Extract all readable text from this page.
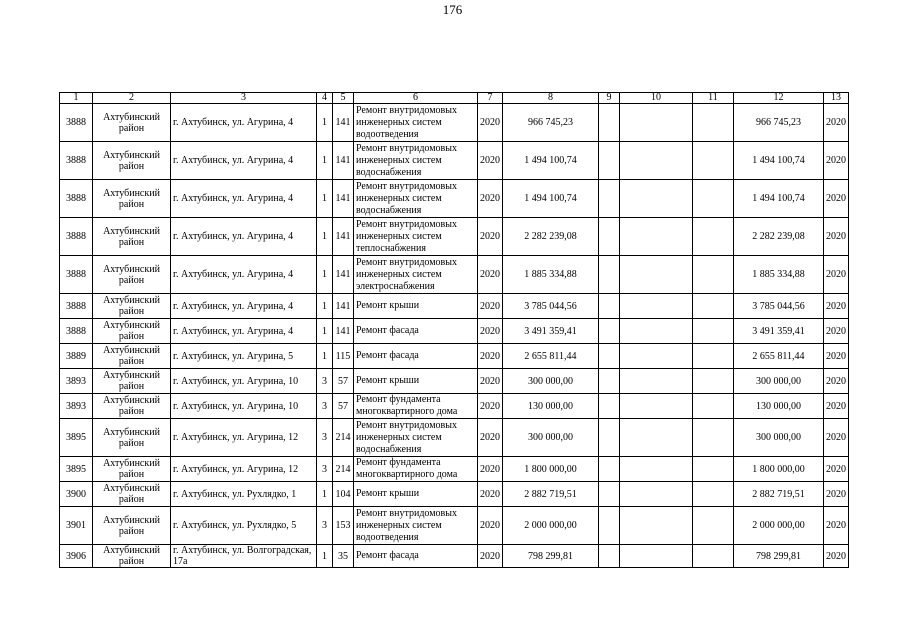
176
1	2	3	4	5	6	7	8	9	10	11	12	13
3888	Ахтубинский район	г. Ахтубинск, ул. Агурина, 4	1	141	Ремонт внутридомовых инженерных систем водоотведения	2020	966 745,23				966 745,23	2020
3888	Ахтубинский район	г. Ахтубинск, ул. Агурина, 4	1	141	Ремонт внутридомовых инженерных систем водоснабжения	2020	1 494 100,74				1 494 100,74	2020
3888	Ахтубинский район	г. Ахтубинск, ул. Агурина, 4	1	141	Ремонт внутридомовых инженерных систем водоснабжения	2020	1 494 100,74				1 494 100,74	2020
3888	Ахтубинский район	г. Ахтубинск, ул. Агурина, 4	1	141	Ремонт внутридомовых инженерных систем теплоснабжения	2020	2 282 239,08				2 282 239,08	2020
3888	Ахтубинский район	г. Ахтубинск, ул. Агурина, 4	1	141	Ремонт внутридомовых инженерных систем электроснабжения	2020	1 885 334,88				1 885 334,88	2020
3888	Ахтубинский район	г. Ахтубинск, ул. Агурина, 4	1	141	Ремонт крыши	2020	3 785 044,56				3 785 044,56	2020
3888	Ахтубинский район	г. Ахтубинск, ул. Агурина, 4	1	141	Ремонт фасада	2020	3 491 359,41				3 491 359,41	2020
3889	Ахтубинский район	г. Ахтубинск, ул. Агурина, 5	1	115	Ремонт фасада	2020	2 655 811,44				2 655 811,44	2020
3893	Ахтубинский район	г. Ахтубинск, ул. Агурина, 10	3	57	Ремонт крыши	2020	300 000,00				300 000,00	2020
3893	Ахтубинский район	г. Ахтубинск, ул. Агурина, 10	3	57	Ремонт фундамента многоквартирного дома	2020	130 000,00				130 000,00	2020
3895	Ахтубинский район	г. Ахтубинск, ул. Агурина, 12	3	214	Ремонт внутридомовых инженерных систем водоснабжения	2020	300 000,00				300 000,00	2020
3895	Ахтубинский район	г. Ахтубинск, ул. Агурина, 12	3	214	Ремонт фундамента многоквартирного дома	2020	1 800 000,00				1 800 000,00	2020
3900	Ахтубинский район	г. Ахтубинск, ул. Рухлядко, 1	1	104	Ремонт крыши	2020	2 882 719,51				2 882 719,51	2020
3901	Ахтубинский район	г. Ахтубинск, ул. Рухлядко, 5	3	153	Ремонт внутридомовых инженерных систем водоотведения	2020	2 000 000,00				2 000 000,00	2020
3906	Ахтубинский район	г. Ахтубинск, ул. Волгоградская, 17а	1	35	Ремонт фасада	2020	798 299,81				798 299,81	2020
